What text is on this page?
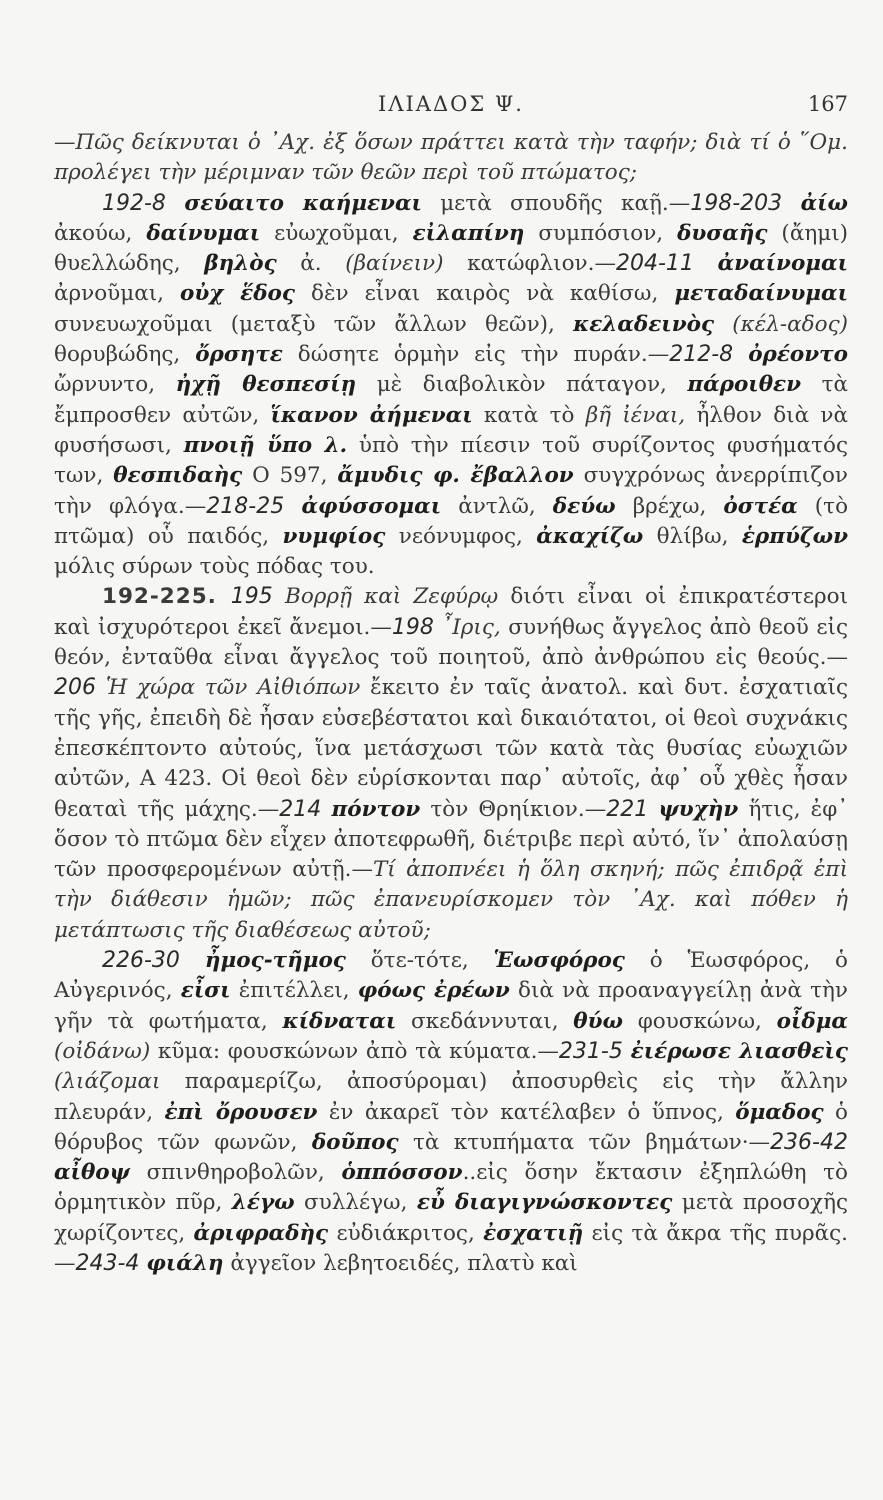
ΙΛΙΑΔΟΣ Ψ.	167

—Πῶς δείκνυται ὁ ᾿Αχ. ἐξ ὅσων πράττει κατὰ τὴν ταφήν; διὰ τί ὁ ῞Ομ. προλέγει τὴν μέριμναν τῶν θεῶν περὶ τοῦ πτώματος;

192-8 σεύαιτο καήμεναι μετὰ σπουδῆς καῇ.—198-203 ἀίω ἀκούω, δαίνυμαι εὐωχοῦμαι, εἰλαπίνη συμπόσιον, δυσαῆς (ἄημι) θυελλώδης, βηλὸς ἀ. (βαίνειν) κατώφλιον.—204-11 ἀναίνομαι ἀρνοῦμαι, οὐχ ἕδος δὲν εἶναι καιρὸς νὰ καθίσω, μεταδαίνυμαι συνευωχοῦμαι (μεταξὺ τῶν ἄλλων θεῶν), κελαδεινὸς (κέλ-αδος) θορυβώδης, ὄρσητε δώσητε ὁρμὴν εἰς τὴν πυράν.—212-8 ὀρέοντο ὤρνυντο, ἠχῇ θεσπεσίῃ μὲ διαβολικὸν πάταγον, πάροιθεν τὰ ἔμπροσθεν αὐτῶν, ἵκανον ἀήμεναι κατὰ τὸ βῆ ἰέναι, ἦλθον διὰ νὰ φυσήσωσι, πνοιῇ ὕπο λ. ὑπὸ τὴν πίεσιν τοῦ συρίζοντος φυσήματός των, θεσπιδαὴς Ο 597, ἄμυδις φ. ἔβαλλον συγχρόνως ἀνερρίπιζον τὴν φλόγα.—218-25 ἀφύσσομαι ἀντλῶ, δεύω βρέχω, ὀστέα (τὸ πτῶμα) οὗ παιδός, νυμφίος νεόνυμφος, ἀκαχίζω θλίβω, ἑρπύζων μόλις σύρων τοὺς πόδας του.

192-225. 195 Βορρῇ καὶ Ζεφύρῳ διότι εἶναι οἱ ἐπικρατέστεροι καὶ ἰσχυρότεροι ἐκεῖ ἄνεμοι.—198 ῏Ιρις, συνήθως ἄγγελος ἀπὸ θεοῦ εἰς θεόν, ἐνταῦθα εἶναι ἄγγελος τοῦ ποιητοῦ, ἀπὸ ἀνθρώπου εἰς θεούς.—206 Ἡ χώρα τῶν Αἰθιόπων ἔκειτο ἐν ταῖς ἀνατολ. καὶ δυτ. ἐσχατιαῖς τῆς γῆς, ἐπειδὴ δὲ ἦσαν εὐσεβέστατοι καὶ δικαιότατοι, οἱ θεοὶ συχνάκις ἐπεσκέπτοντο αὐτούς, ἵνα μετάσχωσι τῶν κατὰ τὰς θυσίας εὐωχιῶν αὐτῶν, Α 423. Οἱ θεοὶ δὲν εὑρίσκονται παρ᾿ αὐτοῖς, ἀφ᾿ οὗ χθὲς ἦσαν θεαταὶ τῆς μάχης.—214 πόντον τὸν Θρηίκιον.—221 ψυχὴν ἥτις, ἐφ᾿ ὅσον τὸ πτῶμα δὲν εἶχεν ἀποτεφρωθῆ, διέτριβε περὶ αὐτό, ἵν᾿ ἀπολαύσῃ τῶν προσφερομένων αὐτῇ.—Τί ἀποπνέει ἡ ὅλη σκηνή; πῶς ἐπιδρᾷ ἐπὶ τὴν διάθεσιν ἡμῶν; πῶς ἐπανευρίσκομεν τὸν ᾿Αχ. καὶ πόθεν ἡ μετάπτωσις τῆς διαθέσεως αὐτοῦ;

226-30 ἦμος-τῆμος ὅτε-τότε, Ἑωσφόρος ὁ Ἑωσφόρος, ὁ Αὐγερινός, εἶσι ἐπιτέλλει, φόως ἐρέων διὰ νὰ προαναγγείλῃ ἀνὰ τὴν γῆν τὰ φωτήματα, κίδναται σκεδάννυται, θύω φουσκώνω, οἶδμα (οἰδάνω) κῦμα: φουσκώνων ἀπὸ τὰ κύματα.—231-5 ἐιέρωσε λιασθεὶς (λιάζομαι παραμερίζω, ἀποσύρομαι) ἀποσυρθεὶς εἰς τὴν ἄλλην πλευράν, ἐπὶ ὄρουσεν ἐν ἀκαρεῖ τὸν κατέλαβεν ὁ ὕπνος, ὅμαδος ὁ θόρυβος τῶν φωνῶν, δοῦπος τὰ κτυπήματα τῶν βημάτων·—236-42 αἶθοψ σπινθηροβολῶν, ὁππόσσον..εἰς ὅσην ἔκτασιν ἐξηπλώθη τὸ ὁρμητικὸν πῦρ, λέγω συλλέγω, εὖ διαγιγνώσκοντες μετὰ προσοχῆς χωρίζοντες, ἀριφραδὴς εὐδιάκριτος, ἐσχατιῇ εἰς τὰ ἄκρα τῆς πυρᾶς.—243-4 φιάλη ἀγγεῖον λεβητοειδές, πλατὺ καὶ
